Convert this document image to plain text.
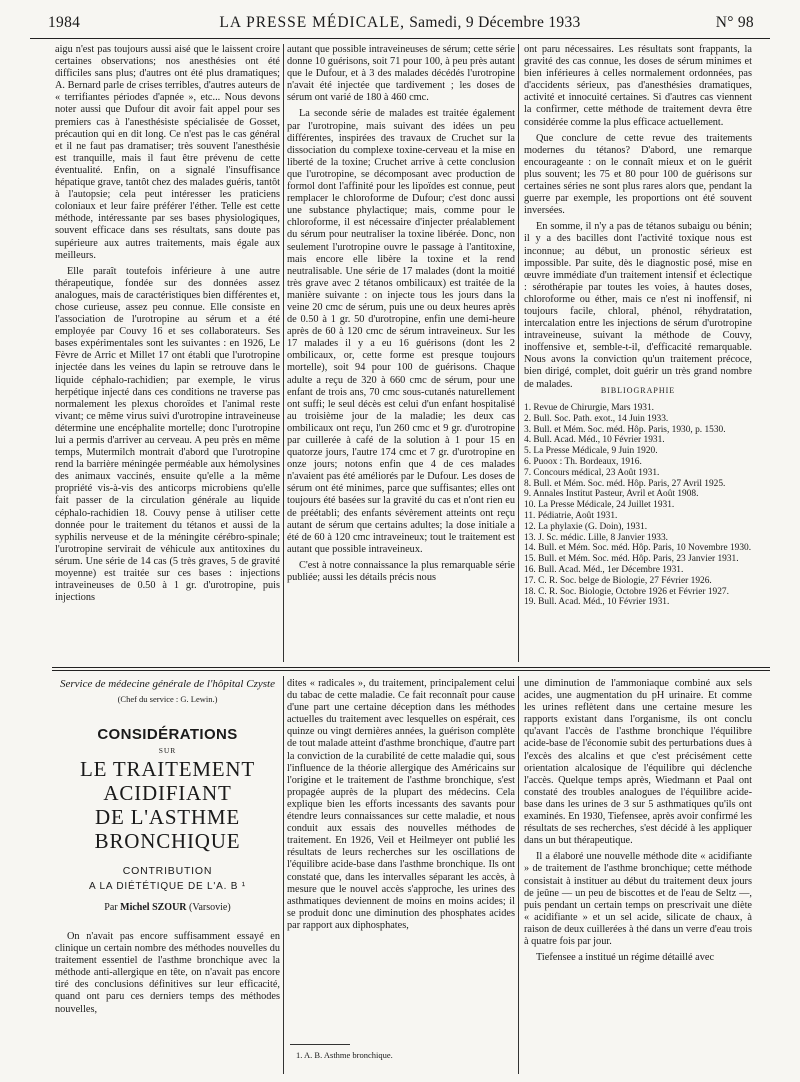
1984	LA PRESSE MÉDICALE, Samedi, 9 Décembre 1933	N° 98

aigu n'est pas toujours aussi aisé que le laissent croire certaines observations; nos anesthésies ont été difficiles sans plus; d'autres ont été plus dramatiques; A. Bernard parle de crises terribles, d'autres auteurs de « terrifiantes périodes d'apnée », etc... Nous devons noter aussi que Dufour dit avoir fait appel pour ses premiers cas à l'anesthésiste spécialisée de Gosset, précaution qui en dit long. Ce n'est pas le cas général et il ne faut pas dramatiser; très souvent l'anesthésie est tranquille, mais il faut être prévenu de cette éventualité. Enfin, on a signalé l'insuffisance hépatique grave, tantôt chez des malades guéris, tantôt à l'autopsie; cela peut intéresser les praticiens coloniaux et leur faire préférer l'éther. Telle est cette méthode, intéressante par ses bases physiologiques, souvent efficace dans ses résultats, sans doute pas supérieure aux autres traitements, mais égale aux meilleurs.

Elle paraît toutefois inférieure à une autre thérapeutique, fondée sur des données assez analogues, mais de caractéristiques bien différentes et, chose curieuse, assez peu connue. Elle consiste en l'association de l'urotropine au sérum et a été employée par Couvy 16 et ses collaborateurs. Ses bases expérimentales sont les suivantes : en 1926, Le Fèvre de Arric et Millet 17 ont établi que l'urotropine injectée dans les veines du lapin se retrouve dans le liquide céphalo-rachidien; par exemple, le virus herpétique injecté dans ces conditions ne traverse pas normalement les plexus choroïdes et l'animal reste vivant; ce même virus suivi d'urotropine intraveineuse détermine une encéphalite mortelle; donc l'urotropine lui a permis d'arriver au cerveau. A peu près en même temps, Mutermilch montrait d'abord que l'urotropine rend la barrière méningée perméable aux hémolysines des animaux vaccinés, ensuite qu'elle a la même propriété vis-à-vis des anticorps microbiens qu'elle fait passer de la circulation générale au liquide céphalo-rachidien 18. Couvy pense à utiliser cette donnée pour le traitement du tétanos et aussi de la syphilis nerveuse et de la méningite cérébro-spinale; l'urotropine servirait de véhicule aux antitoxines du sérum. Une série de 14 cas (5 très graves, 5 de gravité moyenne) est traitée sur ces bases : injections intraveineuses de 0.50 à 1 gr. d'urotropine, puis injections

autant que possible intraveineuses de sérum; cette série donne 10 guérisons, soit 71 pour 100, à peu près autant que le Dufour, et à 3 des malades décédés l'urotropine n'avait été injectée que tardivement ; les doses de sérum ont varié de 180 à 460 cmc.

La seconde série de malades est traitée également par l'urotropine, mais suivant des idées un peu différentes, inspirées des travaux de Cruchet sur la dissociation du complexe toxine-cerveau et la mise en liberté de la toxine; Cruchet arrive à cette conclusion que l'urotropine, se décomposant avec production de formol dont l'affinité pour les lipoïdes est connue, peut remplacer le chloroforme de Dufour; c'est donc aussi une substance phylactique; mais, comme pour le chloroforme, il est nécessaire d'injecter préalablement du sérum pour neutraliser la toxine libérée. Donc, non seulement l'urotropine ouvre le passage à l'antitoxine, mais encore elle libère la toxine et la rend neutralisable. Une série de 17 malades (dont la moitié très grave avec 2 tétanos ombilicaux) est traitée de la manière suivante : on injecte tous les jours dans la veine 20 cmc de sérum, puis une ou deux heures après de 0.50 à 1 gr. 50 d'urotropine, enfin une demi-heure après de 60 à 120 cmc de sérum intraveineux. Sur les 17 malades il y a eu 16 guérisons (dont les 2 ombilicaux, or, cette forme est presque toujours mortelle), soit 94 pour 100 de guérisons. Chaque adulte a reçu de 320 à 660 cmc de sérum, pour une enfant de trois ans, 70 cmc sous-cutanés naturellement ont suffi; le seul décès est celui d'un enfant hospitalisé au troisième jour de la maladie; les deux cas ombilicaux ont reçu, l'un 260 cmc et 9 gr. d'urotropine par cuillerée à café de la solution à 1 pour 15 en quatorze jours, l'autre 174 cmc et 7 gr. d'urotropine en onze jours; notons enfin que 4 de ces malades n'avaient pas été améliorés par le Dufour. Les doses de sérum ont été minimes, parce que suffisantes; elles ont toujours été basées sur la gravité du cas et n'ont rien eu de préétabli; des enfants sévèrement atteints ont reçu autant de sérum que certains adultes; la dose initiale a été de 60 à 120 cmc intraveineux; tout le traitement est autant que possible intraveineux.

C'est à notre connaissance la plus remarquable série publiée; aussi les détails précis nous

ont paru nécessaires. Les résultats sont frappants, la gravité des cas connue, les doses de sérum minimes et bien inférieures à celles normalement ordonnées, pas d'accidents sérieux, pas d'anesthésies dramatiques, activité et innocuité certaines. Si d'autres cas viennent la confirmer, cette méthode de traitement devra être considérée comme la plus efficace actuellement.

Que conclure de cette revue des traitements modernes du tétanos? D'abord, une remarque encourageante : on le connaît mieux et on le guérit plus souvent; les 75 et 80 pour 100 de guérisons sur certaines séries ne sont plus rares alors que, pendant la guerre par exemple, les proportions ont été souvent inversées.

En somme, il n'y a pas de tétanos subaigu ou bénin; il y a des bacilles dont l'activité toxique nous est inconnue; au début, un pronostic sérieux est impossible. Par suite, dès le diagnostic posé, mise en œuvre immédiate d'un traitement intensif et éclectique : sérothérapie par toutes les voies, à hautes doses, chloroforme ou éther, mais ce n'est ni inoffensif, ni toujours facile, chloral, phénol, réhydratation, intercalation entre les injections de sérum d'urotropine intraveineuse, suivant la méthode de Couvy, inoffensive et, semble-t-il, d'efficacité remarquable. Nous avons la conviction qu'un traitement précoce, bien dirigé, complet, doit guérir un très grand nombre de malades.

BIBLIOGRAPHIE
1. Revue de Chirurgie, Mars 1931.
2. Bull. Soc. Path. exot., 14 Juin 1933.
3. Bull. et Mém. Soc. méd. Hôp. Paris, 1930, p. 1530.
4. Bull. Acad. Méd., 10 Février 1931.
5. La Presse Médicale, 9 Juin 1920.
6. Puoox : Th. Bordeaux, 1916.
7. Concours médical, 23 Août 1931.
8. Bull. et Mém. Soc. méd. Hôp. Paris, 27 Avril 1925.
9. Annales Institut Pasteur, Avril et Août 1908.
10. La Presse Médicale, 24 Juillet 1931.
11. Pédiatrie, Août 1931.
12. La phylaxie (G. Doin), 1931.
13. J. Sc. médic. Lille, 8 Janvier 1933.
14. Bull. et Mém. Soc. méd. Hôp. Paris, 10 Novembre 1930.
15. Bull. et Mém. Soc. méd. Hôp. Paris, 23 Janvier 1931.
16. Bull. Acad. Méd., 1er Décembre 1931.
17. C. R. Soc. belge de Biologie, 27 Février 1926.
18. C. R. Soc. Biologie, Octobre 1926 et Février 1927.
19. Bull. Acad. Méd., 10 Février 1931.
Service de médecine générale de l'hôpital Czyste
(Chef du service : G. Lewin.)
CONSIDÉRATIONS
SUR
LE TRAITEMENT ACIDIFIANT
DE L'ASTHME BRONCHIQUE
CONTRIBUTION
A LA DIÉTÉTIQUE DE L'A. B ¹
Par Michel SZOUR (Varsovie)

On n'avait pas encore suffisamment essayé en clinique un certain nombre des méthodes nouvelles du traitement essentiel de l'asthme bronchique avec la méthode anti-allergique en tête, on n'avait pas encore tiré des conclusions définitives sur leur efficacité, quand ont paru ces derniers temps des méthodes nouvelles,

dites « radicales », du traitement, principalement celui du tabac de cette maladie. Ce fait reconnaît pour cause d'une part une certaine déception dans les méthodes actuelles du traitement avec lesquelles on espérait, ces quinze ou vingt dernières années, la guérison complète de tout malade atteint d'asthme bronchique, d'autre part la conviction de la curabilité de cette maladie qui, sous l'influence de la théorie allergique des Américains sur l'origine et le traitement de l'asthme bronchique, s'est propagée auprès de la plupart des médecins. Cela explique bien les efforts incessants des savants pour étendre leurs connaissances sur cette maladie, et nous conduit aux essais des nouvelles méthodes de traitement. En 1926, Veil et Heilmeyer ont publié les résultats de leurs recherches sur les oscillations de l'équilibre acide-base dans l'asthme bronchique. Ils ont constaté que, dans les intervalles séparant les accès, à mesure que le nouvel accès s'approche, les urines des asthmatiques deviennent de moins en moins acides; il se produit donc une diminution des phosphates acides par rapport aux diphosphates,

1. A. B. Asthme bronchique.

une diminution de l'ammoniaque combiné aux sels acides, une augmentation du pH urinaire. Et comme les urines reflètent dans une certaine mesure les rapports existant dans l'organisme, ils ont conclu qu'avant l'accès de l'asthme bronchique l'équilibre acide-base de l'économie subit des perturbations dues à l'excès des alcalins et que c'est précisément cette orientation alcalosique de l'équilibre qui déclenche l'accès. Quelque temps après, Wiedmann et Paal ont constaté des troubles analogues de l'équilibre acide-base dans les urines de 3 sur 5 asthmatiques qu'ils ont examinés. En 1930, Tiefensee, après avoir confirmé les résultats de ses recherches, s'est décidé à les appliquer dans un but thérapeutique.

Il a élaboré une nouvelle méthode dite « acidifiante » de traitement de l'asthme bronchique; cette méthode consistait à instituer au début du traitement deux jours de jeûne — un peu de biscottes et de l'eau de Seltz —, puis pendant un certain temps on prescrivait une diète « acidifiante » et un sel acide, silicate de chaux, à raison de deux cuillerées à thé dans un verre d'eau trois à quatre fois par jour.

Tiefensee a institué un régime détaillé avec
